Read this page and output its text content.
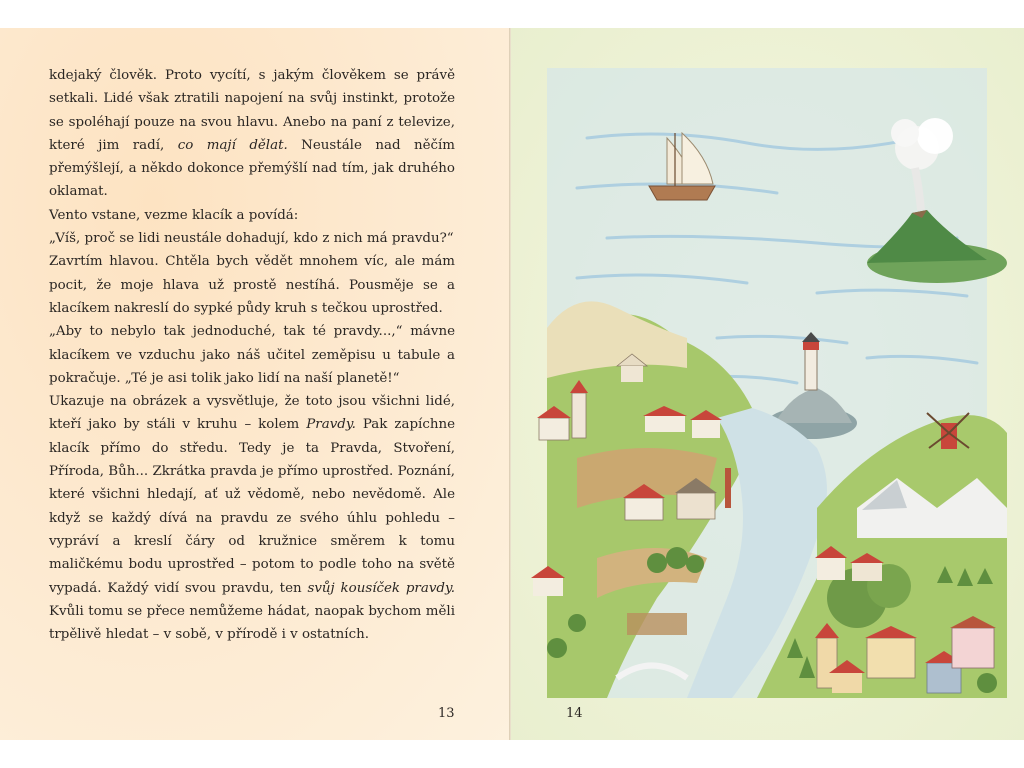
kdejaký člověk. Proto vycítí, s jakým člověkem se právě setkali. Lidé však ztratili napojení na svůj instinkt, protože se spoléhají pouze na svou hlavu. Anebo na paní z televize, které jim radí, co mají dělat. Neustále nad něčím přemýšlejí, a někdo dokonce přemýšlí nad tím, jak druhého oklamat.

Vento vstane, vezme klacík a povídá:

„Víš, proč se lidi neustále dohadují, kdo z nich má pravdu?“

Zavrtím hlavou. Chtěla bych vědět mnohem víc, ale mám pocit, že moje hlava už prostě nestíhá. Pousměje se a klacíkem nakreslí do sypké půdy kruh s tečkou uprostřed.

„Aby to nebylo tak jednoduché, tak té pravdy...,“ mávne klacíkem ve vzduchu jako náš učitel zeměpisu u tabule a pokračuje. „Té je asi tolik jako lidí na naší planetě!“

Ukazuje na obrázek a vysvětluje, že toto jsou všichni lidé, kteří jako by stáli v kruhu – kolem Pravdy. Pak zapíchne klacík přímo do středu. Tedy je ta Pravda, Stvoření, Příroda, Bůh... Zkrátka pravda je přímo uprostřed. Poznání, které všichni hledají, ať už vědomě, nebo nevědomě. Ale když se každý dívá na pravdu ze svého úhlu pohledu – vypráví a kreslí čáry od kružnice směrem k tomu maličkému bodu uprostřed – potom to podle toho na světě vypadá. Každý vidí svou pravdu, ten svůj kousíček pravdy. Kvůli tomu se přece nemůžeme hádat, naopak bychom měli trpělivě hledat – v sobě, v přírodě i v ostatních.

13	14
